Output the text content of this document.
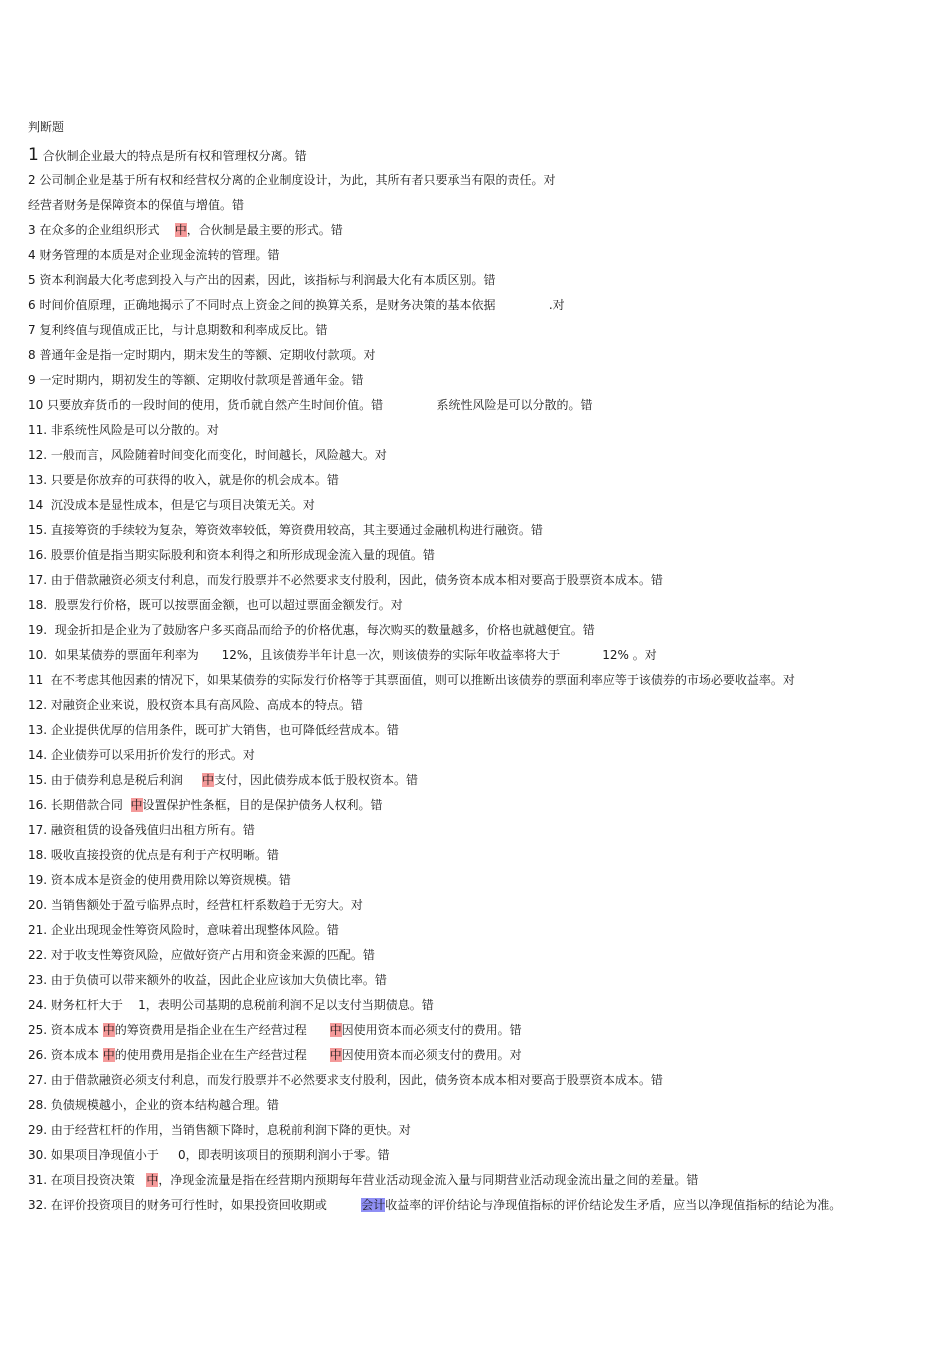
判断题
1 合伙制企业最大的特点是所有权和管理权分离。错
2 公司制企业是基于所有权和经营权分离的企业制度设计，为此，其所有者只要承当有限的责任。对
经营者财务是保障资本的保值与增值。错
3 在众多的企业组织形式    中，合伙制是最主要的形式。错
4 财务管理的本质是对企业现金流转的管理。错
5 资本利润最大化考虑到投入与产出的因素，因此，该指标与利润最大化有本质区别。错
6 时间价值原理，正确地揭示了不同时点上资金之间的换算关系，是财务决策的基本依据              .对
7 复利终值与现值成正比，与计息期数和利率成反比。错
8 普通年金是指一定时期内，期末发生的等额、定期收付款项。对
9 一定时期内，期初发生的等额、定期收付款项是普通年金。错
10 只要放弃货币的一段时间的使用，货币就自然产生时间价值。错              系统性风险是可以分散的。错
11. 非系统性风险是可以分散的。对
12. 一般而言，风险随着时间变化而变化，时间越长，风险越大。对
13. 只要是你放弃的可获得的收入，就是你的机会成本。错
14  沉没成本是显性成本，但是它与项目决策无关。对
15. 直接筹资的手续较为复杂，筹资效率较低，筹资费用较高，其主要通过金融机构进行融资。错
16. 股票价值是指当期实际股利和资本利得之和所形成现金流入量的现值。错
17. 由于借款融资必须支付利息，而发行股票并不必然要求支付股利，因此，债务资本成本相对要高于股票资本成本。错
18.  股票发行价格，既可以按票面金额，也可以超过票面金额发行。对
19.  现金折扣是企业为了鼓励客户多买商品而给予的价格优惠，每次购买的数量越多，价格也就越便宜。错
10.  如果某债券的票面年利率为      12%，且该债券半年计息一次，则该债券的实际年收益率将大于           12% 。对
11  在不考虑其他因素的情况下，如果某债券的实际发行价格等于其票面值，则可以推断出该债券的票面利率应等于该债券的市场必要收益率。对
12. 对融资企业来说，股权资本具有高风险、高成本的特点。错
13. 企业提供优厚的信用条件，既可扩大销售，也可降低经营成本。错
14. 企业债券可以采用折价发行的形式。对
15. 由于债券利息是税后利润     中支付，因此债券成本低于股权资本。错
16. 长期借款合同  中设置保护性条框，目的是保护债务人权利。错
17. 融资租赁的设备残值归出租方所有。错
18. 吸收直接投资的优点是有利于产权明晰。错
19. 资本成本是资金的使用费用除以筹资规模。错
20. 当销售额处于盈亏临界点时，经营杠杆系数趋于无穷大。对
21. 企业出现现金性筹资风险时，意味着出现整体风险。错
22. 对于收支性筹资风险，应做好资产占用和资金来源的匹配。错
23. 由于负债可以带来额外的收益，因此企业应该加大负债比率。错
24. 财务杠杆大于    1，表明公司基期的息税前利润不足以支付当期债息。错
25. 资本成本 中的筹资费用是指企业在生产经营过程      中因使用资本而必须支付的费用。错
26. 资本成本 中的使用费用是指企业在生产经营过程      中因使用资本而必须支付的费用。对
27. 由于借款融资必须支付利息，而发行股票并不必然要求支付股利，因此，债务资本成本相对要高于股票资本成本。错
28. 负债规模越小，企业的资本结构越合理。错
29. 由于经营杠杆的作用，当销售额下降时，息税前利润下降的更快。对
30. 如果项目净现值小于     0，即表明该项目的预期利润小于零。错
31. 在项目投资决策   中，净现金流量是指在经营期内预期每年营业活动现金流入量与同期营业活动现金流出量之间的差量。错
32. 在评价投资项目的财务可行性时，如果投资回收期或         会计收益率的评价结论与净现值指标的评价结论发生矛盾，应当以净现值指标的结论为准。
